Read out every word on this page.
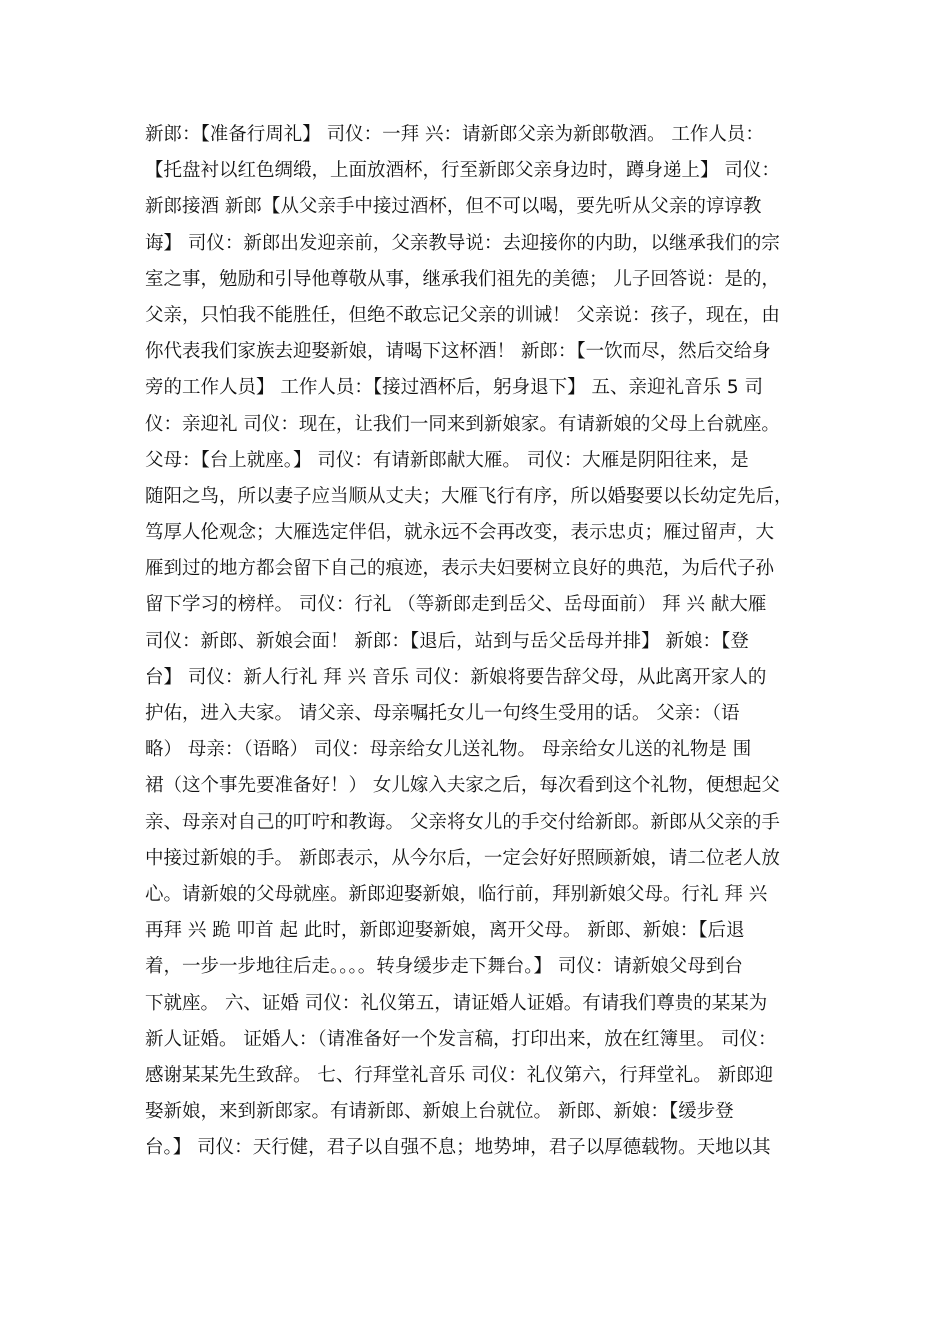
新郎：【准备行周礼】 司仪：一拜 兴：请新郎父亲为新郎敬酒。 工作人员：
【托盘衬以红色绸缎，上面放酒杯，行至新郎父亲身边时，蹲身递上】 司仪：
新郎接酒 新郎【从父亲手中接过酒杯，但不可以喝，要先听从父亲的谆谆教
诲】 司仪：新郎出发迎亲前，父亲教导说：去迎接你的内助，以继承我们的宗
室之事，勉励和引导他尊敬从事，继承我们祖先的美德； 儿子回答说：是的，
父亲，只怕我不能胜任，但绝不敢忘记父亲的训诫！ 父亲说：孩子，现在，由
你代表我们家族去迎娶新娘，请喝下这杯酒！ 新郎：【一饮而尽，然后交给身
旁的工作人员】 工作人员：【接过酒杯后，躬身退下】 五、亲迎礼音乐 5 司
仪：亲迎礼 司仪：现在，让我们一同来到新娘家。有请新娘的父母上台就座。
父母：【台上就座。】 司仪：有请新郎献大雁。 司仪：大雁是阴阳往来，是
随阳之鸟，所以妻子应当顺从丈夫；大雁飞行有序，所以婚娶要以长幼定先后，
笃厚人伦观念；大雁选定伴侣，就永远不会再改变，表示忠贞；雁过留声，大
雁到过的地方都会留下自己的痕迹，表示夫妇要树立良好的典范，为后代子孙
留下学习的榜样。 司仪：行礼 （等新郎走到岳父、岳母面前） 拜 兴 献大雁
司仪：新郎、新娘会面！ 新郎：【退后，站到与岳父岳母并排】 新娘：【登
台】 司仪：新人行礼 拜 兴 音乐 司仪：新娘将要告辞父母，从此离开家人的
护佑，进入夫家。 请父亲、母亲嘱托女儿一句终生受用的话。 父亲：（语
略） 母亲：（语略） 司仪：母亲给女儿送礼物。 母亲给女儿送的礼物是 围
裙（这个事先要准备好！） 女儿嫁入夫家之后，每次看到这个礼物，便想起父
亲、母亲对自己的叮咛和教诲。 父亲将女儿的手交付给新郎。新郎从父亲的手
中接过新娘的手。 新郎表示，从今尔后，一定会好好照顾新娘，请二位老人放
心。请新娘的父母就座。新郎迎娶新娘，临行前，拜别新娘父母。行礼 拜 兴
再拜 兴 跪 叩首 起 此时，新郎迎娶新娘，离开父母。 新郎、新娘：【后退
着，一步一步地往后走。。。。转身缓步走下舞台。】 司仪：请新娘父母到台
下就座。 六、证婚 司仪：礼仪第五，请证婚人证婚。有请我们尊贵的某某为
新人证婚。 证婚人：（请准备好一个发言稿，打印出来，放在红簿里。 司仪：
感谢某某先生致辞。 七、行拜堂礼音乐 司仪：礼仪第六，行拜堂礼。 新郎迎
娶新娘，来到新郎家。有请新郎、新娘上台就位。 新郎、新娘：【缓步登
台。】 司仪：天行健，君子以自强不息；地势坤，君子以厚德载物。天地以其
